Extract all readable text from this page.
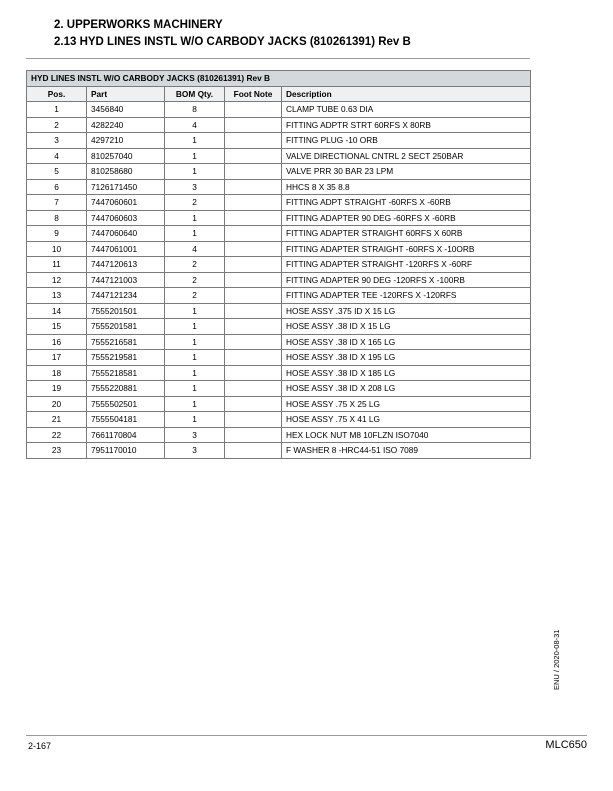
2. UPPERWORKS MACHINERY
2.13 HYD LINES INSTL W/O CARBODY JACKS (810261391) Rev B
HYD LINES INSTL W/O CARBODY JACKS (810261391) Rev B				
Pos.	Part	BOM Qty.	Foot Note	Description
1	3456840	8		CLAMP TUBE 0.63 DIA
2	4282240	4		FITTING ADPTR STRT 60RFS X 80RB
3	4297210	1		FITTING PLUG -10 ORB
4	810257040	1		VALVE DIRECTIONAL CNTRL 2 SECT 250BAR
5	810258680	1		VALVE PRR 30 BAR 23 LPM
6	7126171450	3		HHCS 8 X 35 8.8
7	7447060601	2		FITTING ADPT STRAIGHT -60RFS X -60RB
8	7447060603	1		FITTING ADAPTER 90 DEG -60RFS X -60RB
9	7447060640	1		FITTING ADAPTER STRAIGHT 60RFS X 60RB
10	7447061001	4		FITTING ADAPTER STRAIGHT -60RFS X -10ORB
11	7447120613	2		FITTING ADAPTER STRAIGHT -120RFS X -60RF
12	7447121003	2		FITTING ADAPTER 90 DEG -120RFS X -100RB
13	7447121234	2		FITTING ADAPTER TEE -120RFS X -120RFS
14	7555201501	1		HOSE ASSY .375 ID X 15 LG
15	7555201581	1		HOSE ASSY .38 ID X 15 LG
16	7555216581	1		HOSE ASSY .38 ID X 165 LG
17	7555219581	1		HOSE ASSY .38 ID X 195 LG
18	7555218581	1		HOSE ASSY .38 ID X 185 LG
19	7555220881	1		HOSE ASSY .38 ID X 208 LG
20	7555502501	1		HOSE ASSY .75 X 25 LG
21	7555504181	1		HOSE ASSY .75 X 41 LG
22	7661170804	3		HEX LOCK NUT M8 10FLZN ISO7040
23	7951170010	3		F WASHER 8 -HRC44-51 ISO 7089
ENU / 2020-08-31
2-167	MLC650
